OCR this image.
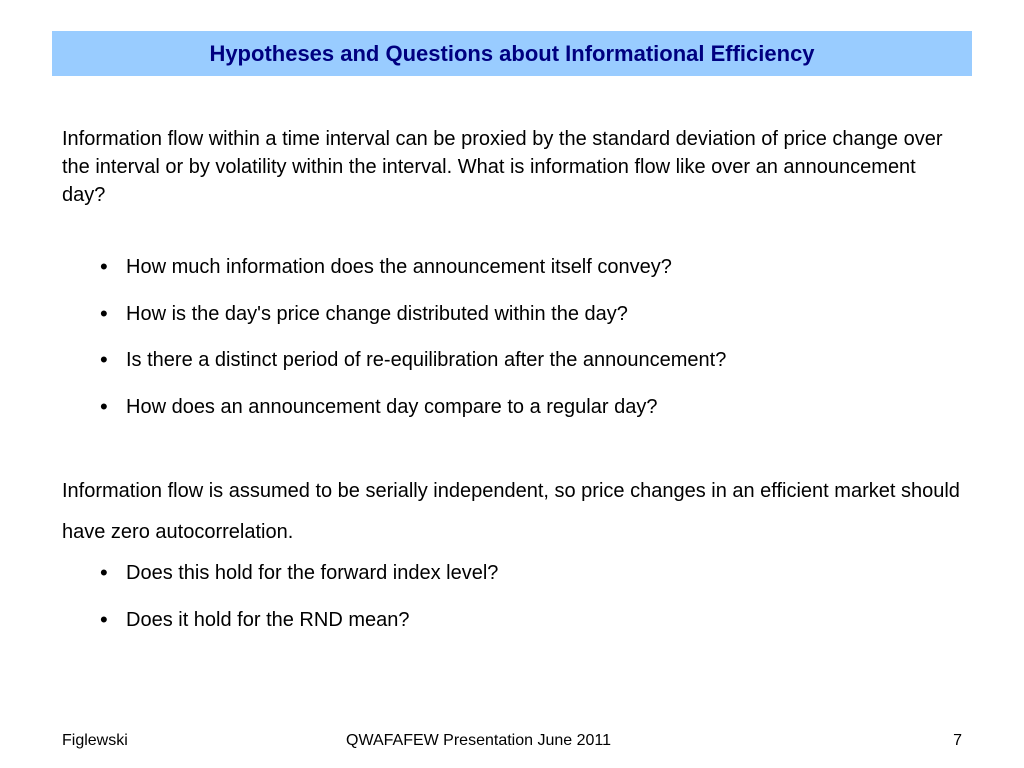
Hypotheses and Questions about Informational Efficiency
Information flow within a time interval can be proxied by the standard deviation of price change over the interval or by volatility within the interval. What is information flow like over an announcement day?
• How much information does the announcement itself convey?
• How is the day's price change distributed within the day?
• Is there a distinct period of re-equilibration after the announcement?
• How does an announcement day compare to a regular day?
Information flow is assumed to be serially independent, so price changes in an efficient market should have zero autocorrelation.
• Does this hold for the forward index level?
• Does it hold for the RND mean?
Figlewski	QWAFAFEW Presentation June 2011	7
